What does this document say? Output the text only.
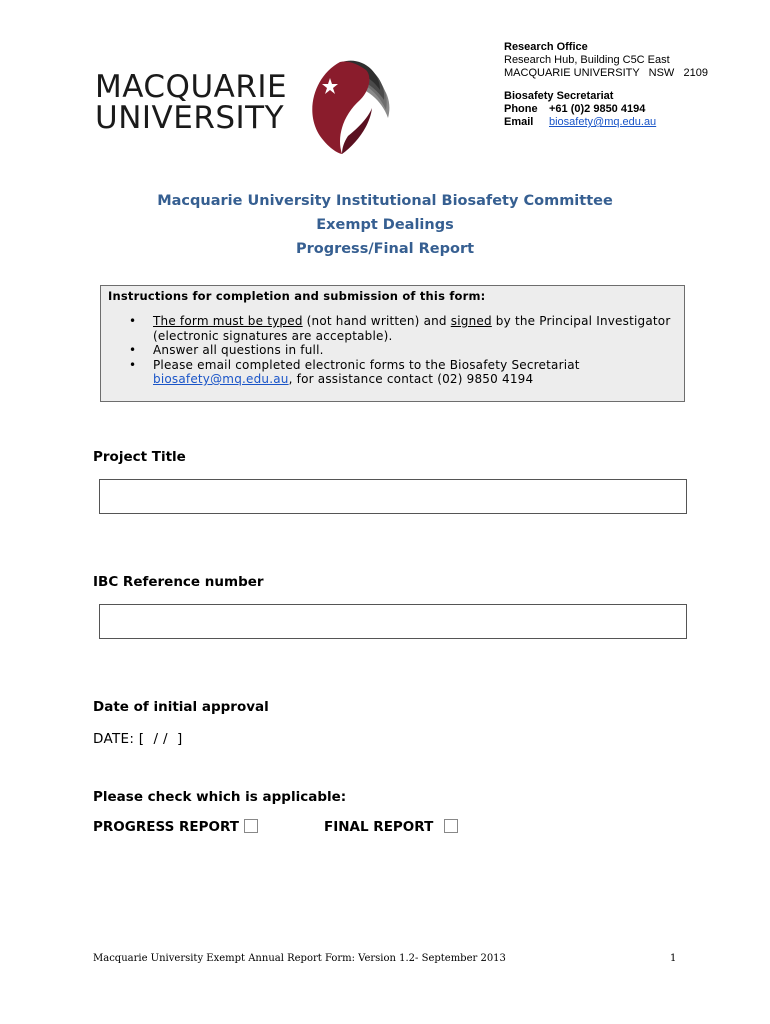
MACQUARIE
UNIVERSITY
Research Office
Research Hub, Building C5C East
MACQUARIE UNIVERSITY   NSW   2109
Biosafety Secretariat
Phone +61 (0)2 9850 4194
Email biosafety@mq.edu.au
Macquarie University Institutional Biosafety Committee
Exempt Dealings
Progress/Final Report
Instructions for completion and submission of this form:
• The form must be typed (not hand written) and signed by the Principal Investigator (electronic signatures are acceptable).
• Answer all questions in full.
• Please email completed electronic forms to the Biosafety Secretariat biosafety@mq.edu.au, for assistance contact (02) 9850 4194
Project Title
IBC Reference number
Date of initial approval
DATE: [  / /  ]
Please check which is applicable:
PROGRESS REPORT	FINAL REPORT
Macquarie University Exempt Annual Report Form: Version 1.2- September 2013	1
